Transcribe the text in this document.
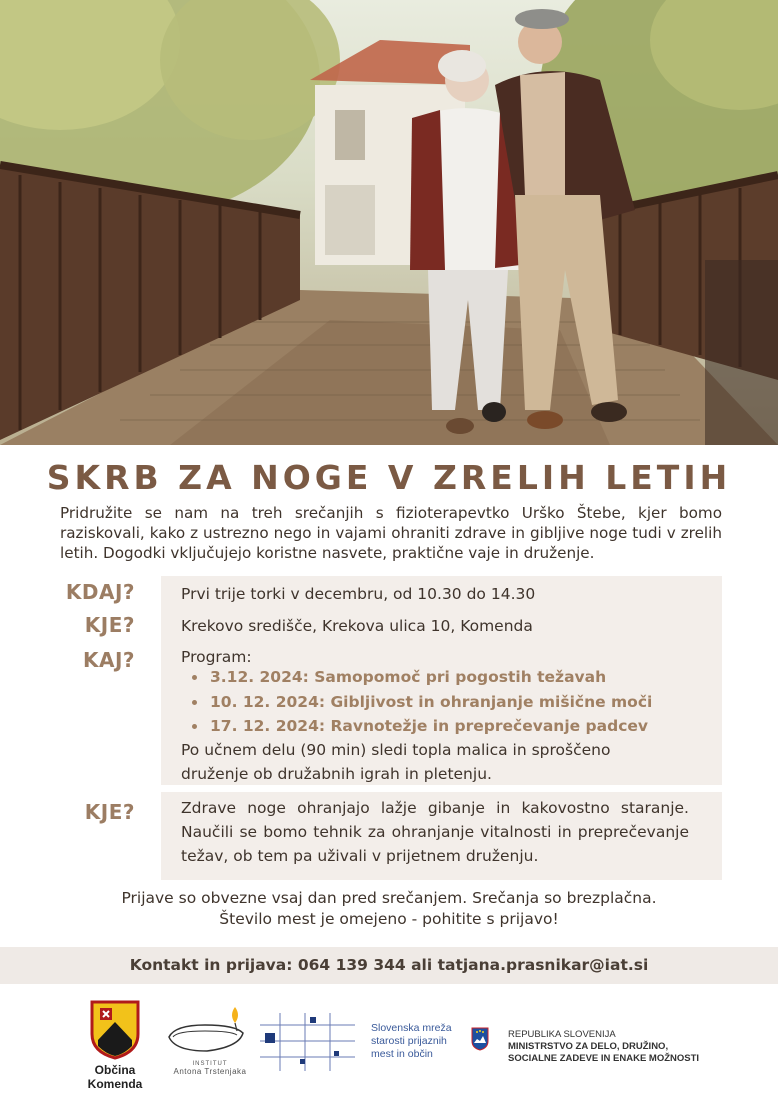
SKRB ZA NOGE V ZRELIH LETIH
Pridružite se nam na treh srečanjih s fizioterapevtko Urško Štebe, kjer bomo raziskovali, kako z ustrezno nego in vajami ohraniti zdrave in gibljive noge tudi v zrelih letih. Dogodki vključujejo koristne nasvete, praktične vaje in druženje.
KDAJ?	Prvi trije torki v decembru, od 10.30 do 14.30
KJE?	Krekovo središče, Krekova ulica 10, Komenda
KAJ?	Program:
3.12. 2024: Samopomoč pri pogostih težavah
10. 12. 2024: Gibljivost in ohranjanje mišične moči
17. 12. 2024: Ravnotežje in preprečevanje padcev
Po učnem delu (90 min) sledi topla malica in sproščeno druženje ob družabnih igrah in pletenju.
KJE?	Zdrave noge ohranjajo lažje gibanje in kakovostno staranje. Naučili se bomo tehnik za ohranjanje vitalnosti in preprečevanje težav, ob tem pa uživali v prijetnem druženju.
Prijave so obvezne vsaj dan pred srečanjem. Srečanja so brezplačna.
Število mest je omejeno - pohitite s prijavo!
Kontakt in prijava: 064 139 344 ali tatjana.prasnikar@iat.si
Občina Komenda
INSTITUT
Antona Trstenjaka
Slovenska mreža
starosti prijaznih
mest in občin
REPUBLIKA SLOVENIJA
MINISTRSTVO ZA DELO, DRUŽINO,
SOCIALNE ZADEVE IN ENAKE MOŽNOSTI
